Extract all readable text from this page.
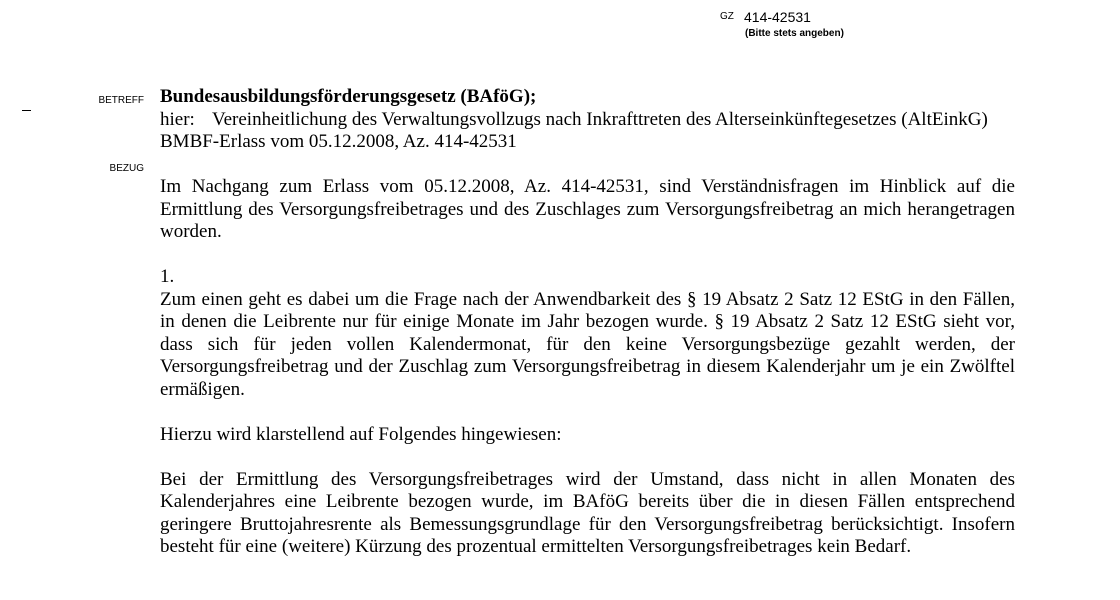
GZ 414-42531
(Bitte stets angeben)
BETREFF
BEZUG
Bundesausbildungsförderungsgesetz (BAföG);
hier: Vereinheitlichung des Verwaltungsvollzugs nach Inkrafttreten des Alterseinkünftegesetzes (AltEinkG)
BMBF-Erlass vom 05.12.2008, Az. 414-42531

Im Nachgang zum Erlass vom 05.12.2008, Az. 414-42531, sind Verständnisfragen im Hinblick auf die Ermittlung des Versorgungsfreibetrages und des Zuschlages zum Versorgungsfreibetrag an mich herangetragen worden.

1.

Zum einen geht es dabei um die Frage nach der Anwendbarkeit des § 19 Absatz 2 Satz 12 EStG in den Fällen, in denen die Leibrente nur für einige Monate im Jahr bezogen wurde. § 19 Absatz 2 Satz 12 EStG sieht vor, dass sich für jeden vollen Kalendermonat, für den keine Versorgungsbezüge gezahlt werden, der Versorgungsfreibetrag und der Zuschlag zum Versorgungsfreibetrag in diesem Kalenderjahr um je ein Zwölftel ermäßigen.

Hierzu wird klarstellend auf Folgendes hingewiesen:

Bei der Ermittlung des Versorgungsfreibetrages wird der Umstand, dass nicht in allen Monaten des Kalenderjahres eine Leibrente bezogen wurde, im BAföG bereits über die in diesen Fällen entsprechend geringere Bruttojahresrente als Bemessungsgrundlage für den Versorgungsfreibetrag berücksichtigt. Insofern besteht für eine (weitere) Kürzung des prozentual ermittelten Versorgungsfreibetrages kein Bedarf.
